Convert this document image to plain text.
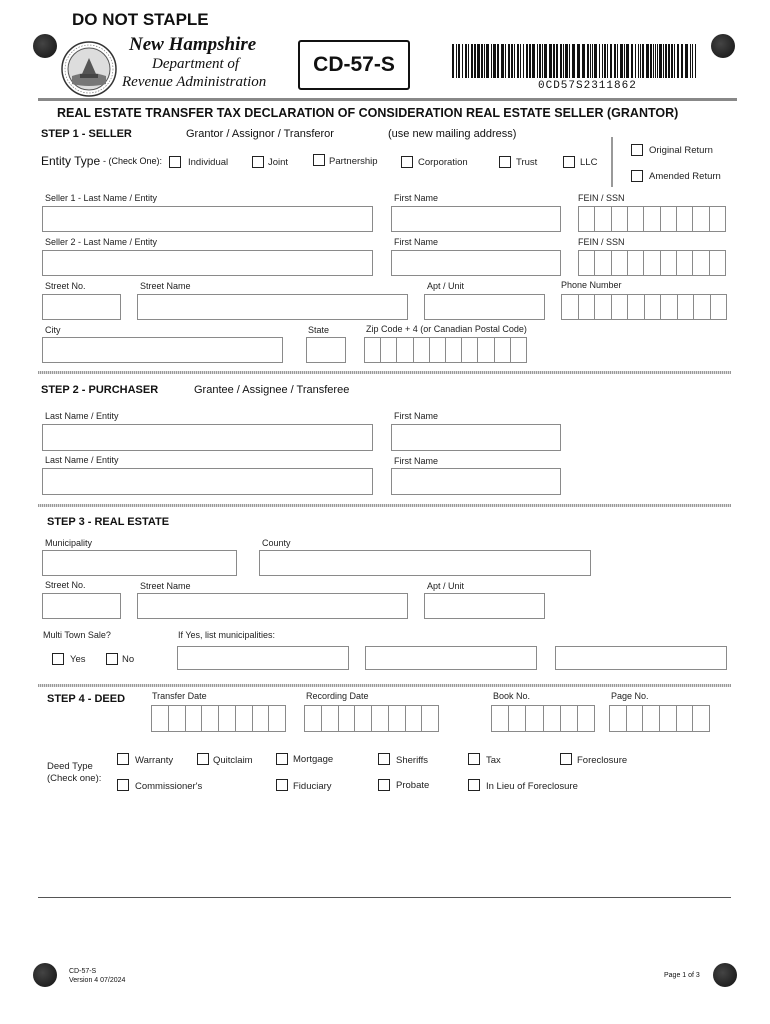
DO NOT STAPLE
New Hampshire
Department of
Revenue Administration
CD-57-S
0CD57S2311862
REAL ESTATE TRANSFER TAX DECLARATION OF CONSIDERATION REAL ESTATE SELLER (GRANTOR)
STEP 1 - SELLER	Grantor / Assignor / Transferor	(use new mailing address)
Entity Type - (Check One):	Individual	Joint	Partnership	Corporation	Trust	LLC
Original Return
Amended Return
Seller 1 - Last Name / Entity	First Name	FEIN / SSN
Seller 2 - Last Name / Entity	First Name	FEIN / SSN
Street No.	Street Name	Apt / Unit	Phone Number
City	State	Zip Code + 4 (or Canadian Postal Code)
STEP 2 - PURCHASER	Grantee / Assignee / Transferee
Last Name / Entity	First Name
Last Name / Entity	First Name
STEP 3 - REAL ESTATE
Municipality	County
Street No.	Street Name	Apt / Unit
Multi Town Sale?	If Yes, list municipalities:
Yes	No
STEP 4 - DEED	Transfer Date	Recording Date	Book No.	Page No.
Deed Type
(Check one):
Warranty	Quitclaim	Mortgage	Sheriffs	Tax	Foreclosure
Commissioner's	Fiduciary	Probate	In Lieu of Foreclosure
CD-57-S
Version 4 07/2024
Page 1 of 3
